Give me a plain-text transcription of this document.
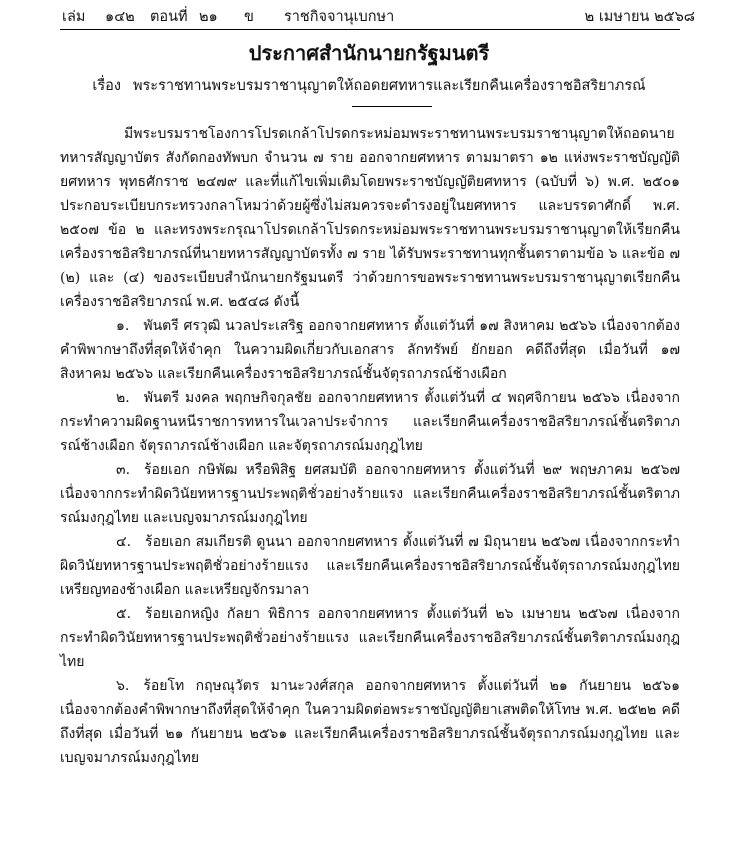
เล่ม ๑๔๒ ตอนที่ ๒๑ ข ราชกิจจานุเบกษา	๒ เมษายน ๒๕๖๘
ประกาศสำนักนายกรัฐมนตรี
เรื่อง พระราชทานพระบรมราชานุญาตให้ถอดยศทหารและเรียกคืนเครื่องราชอิสริยาภรณ์

มีพระบรมราชโองการโปรดเกล้าโปรดกระหม่อมพระราชทานพระบรมราชานุญาตให้ถอดนายทหารสัญญาบัตร สังกัดกองทัพบก จำนวน ๗ ราย ออกจากยศทหาร ตามมาตรา ๑๒ แห่งพระราชบัญญัติยศทหาร พุทธศักราช ๒๔๗๙ และที่แก้ไขเพิ่มเติมโดยพระราชบัญญัติยศทหาร (ฉบับที่ ๖) พ.ศ. ๒๕๐๑ ประกอบระเบียบกระทรวงกลาโหมว่าด้วยผู้ซึ่งไม่สมควรจะดำรงอยู่ในยศทหาร และบรรดาศักดิ์ พ.ศ. ๒๕๐๗ ข้อ ๒ และทรงพระกรุณาโปรดเกล้าโปรดกระหม่อมพระราชทานพระบรมราชานุญาตให้เรียกคืนเครื่องราชอิสริยาภรณ์ที่นายทหารสัญญาบัตรทั้ง ๗ ราย ได้รับพระราชทานทุกชั้นตราตามข้อ ๖ และข้อ ๗ (๒) และ (๔) ของระเบียบสำนักนายกรัฐมนตรี ว่าด้วยการขอพระราชทานพระบรมราชานุญาตเรียกคืนเครื่องราชอิสริยาภรณ์ พ.ศ. ๒๕๔๘ ดังนี้

๑. พันตรี ศรวุฒิ นวลประเสริฐ ออกจากยศทหาร ตั้งแต่วันที่ ๑๗ สิงหาคม ๒๕๖๖ เนื่องจากต้องคำพิพากษาถึงที่สุดให้จำคุก ในความผิดเกี่ยวกับเอกสาร ลักทรัพย์ ยักยอก คดีถึงที่สุด เมื่อวันที่ ๑๗ สิงหาคม ๒๕๖๖ และเรียกคืนเครื่องราชอิสริยาภรณ์ชั้นจัตุรถาภรณ์ช้างเผือก

๒. พันตรี มงคล พฤกษกิจกุลชัย ออกจากยศทหาร ตั้งแต่วันที่ ๔ พฤศจิกายน ๒๕๖๖ เนื่องจากกระทำความผิดฐานหนีราชการทหารในเวลาประจำการ และเรียกคืนเครื่องราชอิสริยาภรณ์ชั้นตริตาภรณ์ช้างเผือก จัตุรถาภรณ์ช้างเผือก และจัตุรถาภรณ์มงกุฎไทย

๓. ร้อยเอก กษิพัฒ หรือพิสิฐ ยศสมบัติ ออกจากยศทหาร ตั้งแต่วันที่ ๒๙ พฤษภาคม ๒๕๖๗ เนื่องจากกระทำผิดวินัยทหารฐานประพฤติชั่วอย่างร้ายแรง และเรียกคืนเครื่องราชอิสริยาภรณ์ชั้นตริตาภรณ์มงกุฎไทย และเบญจมาภรณ์มงกุฎไทย

๔. ร้อยเอก สมเกียรติ ดูนนา ออกจากยศทหาร ตั้งแต่วันที่ ๗ มิถุนายน ๒๕๖๗ เนื่องจากกระทำผิดวินัยทหารฐานประพฤติชั่วอย่างร้ายแรง และเรียกคืนเครื่องราชอิสริยาภรณ์ชั้นจัตุรถาภรณ์มงกุฎไทย เหรียญทองช้างเผือก และเหรียญจักรมาลา

๕. ร้อยเอกหญิง กัลยา พิธิการ ออกจากยศทหาร ตั้งแต่วันที่ ๒๖ เมษายน ๒๕๖๗ เนื่องจากกระทำผิดวินัยทหารฐานประพฤติชั่วอย่างร้ายแรง และเรียกคืนเครื่องราชอิสริยาภรณ์ชั้นตริตาภรณ์มงกุฎไทย

๖. ร้อยโท กฤษณุวัตร มานะวงศ์สกุล ออกจากยศทหาร ตั้งแต่วันที่ ๒๑ กันยายน ๒๕๖๑ เนื่องจากต้องคำพิพากษาถึงที่สุดให้จำคุก ในความผิดต่อพระราชบัญญัติยาเสพติดให้โทษ พ.ศ. ๒๕๒๒ คดีถึงที่สุด เมื่อวันที่ ๒๑ กันยายน ๒๕๖๑ และเรียกคืนเครื่องราชอิสริยาภรณ์ชั้นจัตุรถาภรณ์มงกุฎไทย และเบญจมาภรณ์มงกุฎไทย
